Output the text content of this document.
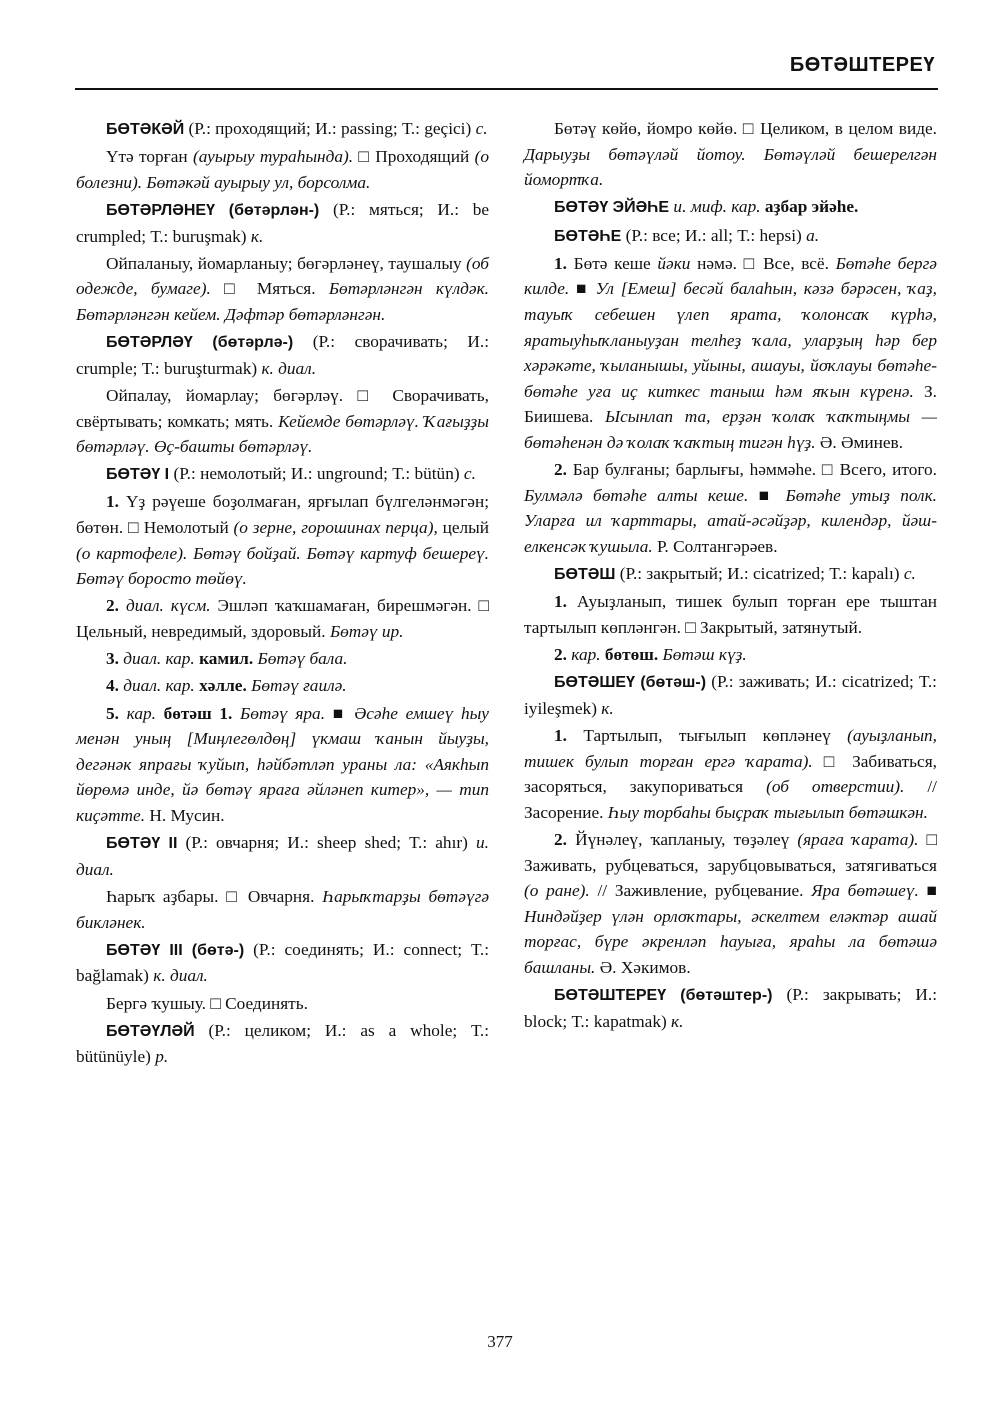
БӨТӘШТЕРЕҮ

БӨТӘКӘЙ (Р.: проходящий; И.: passing; Т.: geçici) с.

Үтә торған (ауырыу тураһында). □ Проходящий (о болезни). Бөтәкәй ауырыу ул, борсолма.

БӨТӘРЛӘНЕҮ (бөтәрлән-) (Р.: мяться; И.: be crumpled; Т.: buruşmak) к.

Ойпаланыу, йомарланыу; бөгәрләнеү, таушалыу (об одежде, бумаге). □ Мяться. Бөтәрләнгән күлдәк. Бөтәрләнгән кейем. Дәфтәр бөтәрләнгән.

БӨТӘРЛӘҮ (бөтәрлә-) (Р.: сворачивать; И.: crumple; Т.: buruşturmak) к. диал.

Ойпалау, йомарлау; бөгәрләү. □ Сворачивать, свёртывать; комкать; мять. Кейемде бөтәрләү. Ҡағыҙҙы бөтәрләү. Өҫ-башты бөтәрләү.

БӨТӘҮ I (Р.: немолотый; И.: unground; Т.: bütün) с.

1. Үҙ рәүеше боҙолмаған, ярғылап бүлгеләнмәгән; бөтөн. □ Немолотый (о зерне, горошинах перца), целый (о картофеле). Бөтәү бойҙай. Бөтәү картуф бешереү. Бөтәү боросто төйөү.

2. диал. күсм. Эшләп ҡаҡшамаған, бирешмәгән. □ Цельный, невредимый, здоровый. Бөтәү ир.

3. диал. кар. камил. Бөтәү бала.

4. диал. кар. хәлле. Бөтәү ғаилә.

5. кар. бөтәш 1. Бөтәү яра. ■ Әсәһе емшеү һыу менән уның [Миңлегөлдөң] үкмаш ҡанын йыуҙы, дегәнәк япрағы ҡуйып, һәйбәтләп ураны ла: «Аякһып йөрөмә инде, йә бөтәү ярағa әйләнеп китер», — тип киҫәтте. Н. Мусин.

БӨТӘҮ II (Р.: овчарня; И.: sheep shed; Т.: ahır) и. диал.

Һарыҡ аҙбары. □ Овчарня. Һарыҡтарҙы бөтәүгә бикләнек.

БӨТӘҮ III (бөтә-) (Р.: соединять; И.: connect; Т.: bağlamak) к. диал.

Бергә ҡушыу. □ Соединять.

БӨТӘҮЛӘЙ (Р.: целиком; И.: as a whole; Т.: bütünüyle) р.

Бөтәү көйө, йомро көйө. □ Целиком, в целом виде. Дарыуҙы бөтәүләй йотоу. Бөтәүләй бешерелгән йомортҡа.

БӨТӘҮ ЭЙӘҺЕ и. миф. кар. аҙбар эйәһе.

БӨТӘҺЕ (Р.: все; И.: all; Т.: hepsi) а.

1. Бөтә кеше йәки нәмә. □ Все, всё. Бөтәһе бергә килде. ■ Ул [Емеш] бесәй балаһын, кәзә бәрәсен, ҡаҙ, тауыҡ себешен үлеп ярата, ҡолонсаҡ күрһә, яратыуһыҡланыуҙан телһеҙ ҡала, уларҙың һәр бер хәрәкәте, ҡыланышы, уйыны, ашауы, йоҡлауы бөтәһе-бөтәһе уға иҫ киткес таныш һәм яҡын күренә. З. Биишева. Ысынлап та, ерҙән ҡолаҡ ҡаҡтыңмы — бөтәһенән дә ҡолаҡ ҡаҡтың тигән һүҙ. Ә. Әминев.

2. Бар булғаны; барлығы, һәммәһе. □ Всего, итого. Булмәлә бөтәһе алты кеше. ■ Бөтәһе утыҙ полк. Уларға ил ҡарттары, атай-әсәйҙәр, килендәр, йәш-елкенсәк ҡушыла. Р. Солтангәрәев.

БӨТӘШ (Р.: закрытый; И.: cicatrized; Т.: kapalı) с.

1. Ауыҙланып, тишек булып торған ере тыштан тартылып көпләнгән. □ Закрытый, затянутый.

2. кар. бөтөш. Бөтәш күҙ.

БӨТӘШЕҮ (бөтәш-) (Р.: заживать; И.: cicatrized; Т.: iyileşmek) к.

1. Тартылып, тығылып көпләнеү (ауыҙланып, тишек булып торған ергә ҡарата). □ Забиваться, засоряться, закупориваться (об отверстии). // Засорение. Һыу торбаһы быҫраҡ тығылып бөтәшкән.

2. Йүнәлеү, ҡапланыу, төҙәлеү (ярағa ҡарата). □ Заживать, рубцеваться, зарубцовываться, затягиваться (о ране). // Заживление, рубцевание. Яра бөтәшеү. ■ Ниндәйҙер үлән орлоҡтары, әскелтем еләктәр ашай торғас, бүре әкренләп һауыға, яраһы ла бөтәшә башланы. Ә. Хәкимов.

БӨТӘШТЕРЕҮ (бөтәштер-) (Р.: закрывать; И.: block; Т.: kapatmak) к.

377
